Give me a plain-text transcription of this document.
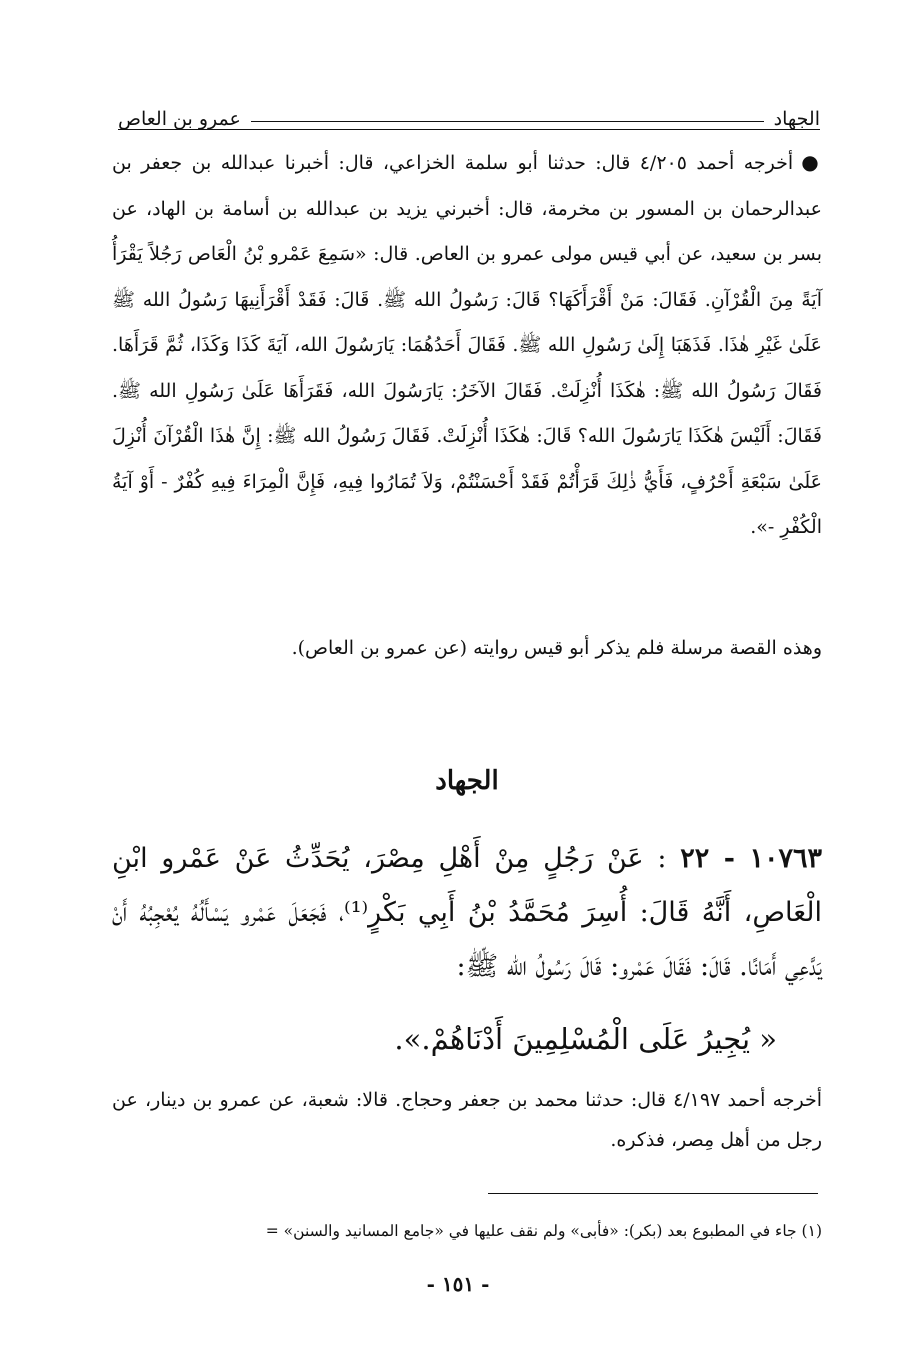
الجهاد
عمرو بن العاص
●أخرجه أحمد ٤/٢٠٥ قال: حدثنا أبو سلمة الخزاعي، قال: أخبرنا عبدالله بن جعفر بن عبدالرحمان بن المسور بن مخرمة، قال: أخبرني يزيد بن عبدالله بن أسامة بن الهاد، عن بسر بن سعيد، عن أبي قيس مولى عمرو بن العاص. قال: «سَمِعَ عَمْرو بْنُ الْعَاص رَجُلاً يَقْرَأُ آيَةً مِنَ الْقُرْآنِ. فَقَالَ: مَنْ أَقْرَأَكَهَا؟ قَالَ: رَسُولُ الله ﷺ. قَالَ: فَقَدْ أَقْرَأَنِيهَا رَسُولُ الله ﷺ عَلَىٰ غَيْرِ هٰذَا. فَذَهَبَا إِلَىٰ رَسُولِ الله ﷺ. فَقَالَ أَحَدُهُمَا: يَارَسُولَ الله، آيَةَ كَذَا وَكَذَا، ثُمَّ قَرَأَهَا. فَقَالَ رَسُولُ الله ﷺ: هٰكَذَا أُنْزِلَتْ. فَقَالَ الآخَرُ: يَارَسُولَ الله، فَقَرَأَهَا عَلَىٰ رَسُولِ الله ﷺ. فَقَالَ: أَلَيْسَ هٰكَذَا يَارَسُولَ الله؟ قَالَ: هٰكَذَا أُنْزِلَتْ. فَقَالَ رَسُولُ الله ﷺ: إِنَّ هٰذَا الْقُرْآنَ أُنْزِلَ عَلَىٰ سَبْعَةِ أَحْرُفٍ، فَأَيُّ ذٰلِكَ قَرَأْتُمْ فَقَدْ أَحْسَنْتُمْ، وَلاَ تُمَارُوا فِيهِ، فَإِنَّ الْمِرَاءَ فِيهِ كُفْرٌ - أَوْ آيَةُ الْكُفْرِ -».
وهذه القصة مرسلة فلم يذكر أبو قيس روايته (عن عمرو بن العاص).
الجهاد
١٠٧٦٣ - ٢٢ : عَنْ رَجُلٍ مِنْ أَهْلِ مِصْرَ، يُحَدِّثُ عَنْ عَمْرو ابْنِ الْعَاصِ، أَنَّهُ قَالَ: أُسِرَ مُحَمَّدُ بْنُ أَبِي بَكْرٍ⁽¹⁾، فَجَعَلَ عَمْرو يَسْأَلُهُ يُعْجِبُهُ أَنْ يَدَّعِي أَمَانًا. قَالَ: فَقَالَ عَمْرو: قَالَ رَسُولُ الله ﷺ:
« يُجِيرُ عَلَى الْمُسْلِمِينَ أَدْنَاهُمْ.».
أخرجه أحمد ٤/١٩٧ قال: حدثنا محمد بن جعفر وحجاج. قالا: شعبة، عن عمرو بن دينار، عن رجل من أهل مِصر، فذكره.
(١) جاء في المطبوع بعد (بكر): «فأبى» ولم نقف عليها في «جامع المسانيد والسنن» =
- ١٥١ -
